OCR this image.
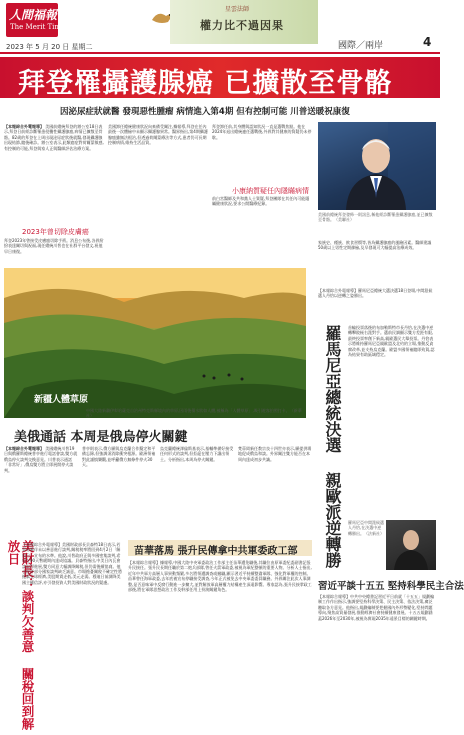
人間福報
The Merit Times
2023 年 5 月 20 日 星期二
星雲法師
權力比不過因果
國際／兩岸	4
拜登罹攝護腺癌 已擴散至骨骼
因泌尿症狀就醫 發現惡性腫瘤 病情進入第4期 但有控制可能 川普送暖祝康復
【本報綜合外電報導】 美國前總統拜登的辦公室18日表示,拜登日前經診斷罹患侵襲性攝護腺癌,病情已擴散至骨骼。82歲的拜登在上周出現泌尿症狀後就醫,發現攝護腺出現結節,隨後確診。辦公室表示,此類癌症對荷爾蒙敏感,有控制的可能,拜登與家人正與醫師評估治療方案。
2023年曾切除皮膚癌
拜登2023年曾接受皮膚癌切除手術。消息公布後,各界紛紛表達關切與祝福,現任總統川普也在社群平台發文,祝他早日康復。
美國卸任總統健康狀況向來備受關注,據報導,拜登在任內最後一次體檢中未顯示攝護腺異常。醫界指出,第4期攝護腺癌雖無法根治,但透過荷爾蒙療法等方式,患者仍可長期控制病情,維持生活品質。
拜登卸任前,其身體與認知狀況一直是選戰焦點。他在2024年退出總統連任選戰後,外界對其健康的質疑仍未停歇。
小康納質疑任內隱瞞病情
前白宮醫師及共和黨人士質疑,拜登團隊在其任內可能隱瞞健康狀況,要求公開醫療紀錄。
美國前總統拜登發佈一則訊息,稱他經診斷罹患攝護腺癌,並已擴散至骨骼。（美聯社）
家族史、種族、飲食習慣等,皆為攝護腺癌的風險因素。醫師建議50歲以上男性定期篩檢,及早發現可大幅提高治療成效。
新疆人體草原
中國大陸新疆伊犁哈薩克自治州特克斯縣境內的草原,因雨後積水狀如人體,被稱為「人體草原」,吸引遊客拍照打卡。（新華社）
【本報綜合外電報導】羅馬尼亞總統大選決選18日登場,中間派候選人丹恰以逆轉之姿勝出。
羅馬尼亞總統決選 親歐派逆轉勝 首輪投票落後的布加勒斯特市長丹恰,在決選中逆轉擊敗極右派對手。選前民調顯示雙方差距有限,最終投票率創下新高,親歐選民大舉投票。丹恰表示將維持羅馬尼亞親歐盟及北約的立場,推動反貪腐改革,並支持烏克蘭。歐盟多國領袖隨即致賀,認為結果有助區域穩定。
羅馬尼亞中間派候選人丹恰,在決選中逆轉勝出。（法新社）
美俄通話 本周是俄烏停火關鍵
【本報綜合外電報導】 美國總統川普19日與俄羅斯總統普亭進行電話會談,雙方就俄烏停火談判交換意見。川普表示通話「非常好」,俄烏雙方將立即展開停火談判。
普亭則表示,俄方願與烏克蘭合作擬定和平備忘錄,但強調須消除衝突根源。歐洲領袖對此謹慎樂觀,並呼籲俄方無條件停火30天。
烏克蘭總統澤倫斯基表示,基輔準備好接受任何形式的談判,但拒絕在壓力下讓出領土。分析指出,本周為停火關鍵。
梵蒂岡新任教宗良十四世亦表示,願提供場地促成俄烏和談。外界關注雙方能否在本周內達成初步共識。
美財長：談判欠善意 關稅回到解放日 【本報綜合外電報導】美國財政部長貝森特18日表示,若貿易夥伴未以善意進行談判,關稅稅率將回到4月2日「解放日」宣布的水準。他說,川普政府正與多國密集談判,希望在90天暫緩期內達成協議。貝森特指出,中美日內瓦會談取得進展,雙方同意大幅調降關稅,但仍需後續協商。他也批評部分國家談判缺乏誠意。市場擔憂關稅不確定性將拖累全球經濟,美股期貨走低,美元走弱。穆迪日前調降美國主權信評,亦引發投資人對美國財政狀況的疑慮。
苗華落馬 張升民傳拿中共軍委政工部
【本報綜合報導】據報導,中國大陸中央軍委政治工作部主任苗華遭免職後,其職位由原軍委紀委副書記張升民接任。張升民長期任職於第二炮兵部隊,曾任火箭軍政委,被視為軍紀整頓的重要人物。分析人士指出,近年中共軍方高層人事異動頻繁,多名將領遭調查或撤職,顯示習近平持續整肅軍隊、強化對軍權的控制。苗華曾任海軍政委,去年底被宣布停職接受調查,今年正式被免去中央軍委委員職務。外界關注此次人事調整,是否意味軍中反腐行動進一步擴大,並對解放軍高層權力結構產生深遠影響。專家認為,張升民接掌政工部後,將在軍隊思想政治工作及幹部任用上扮演關鍵角色。	習近平談十五五 堅持科學民主合法
【本報綜合報導】中共中央總書記習近平日前就「十五五」規劃編制工作作出指示,強調要堅持科學決策、民主決策、依法決策,廣泛聽取各方意見。他指出,規劃編制要把握國內外形勢變化,堅持問題導向,聚焦高質量發展,推動經濟社會持續健康發展。十五五規劃涵蓋2026年至2030年,被視為實現2035年遠景目標的關鍵時期。
